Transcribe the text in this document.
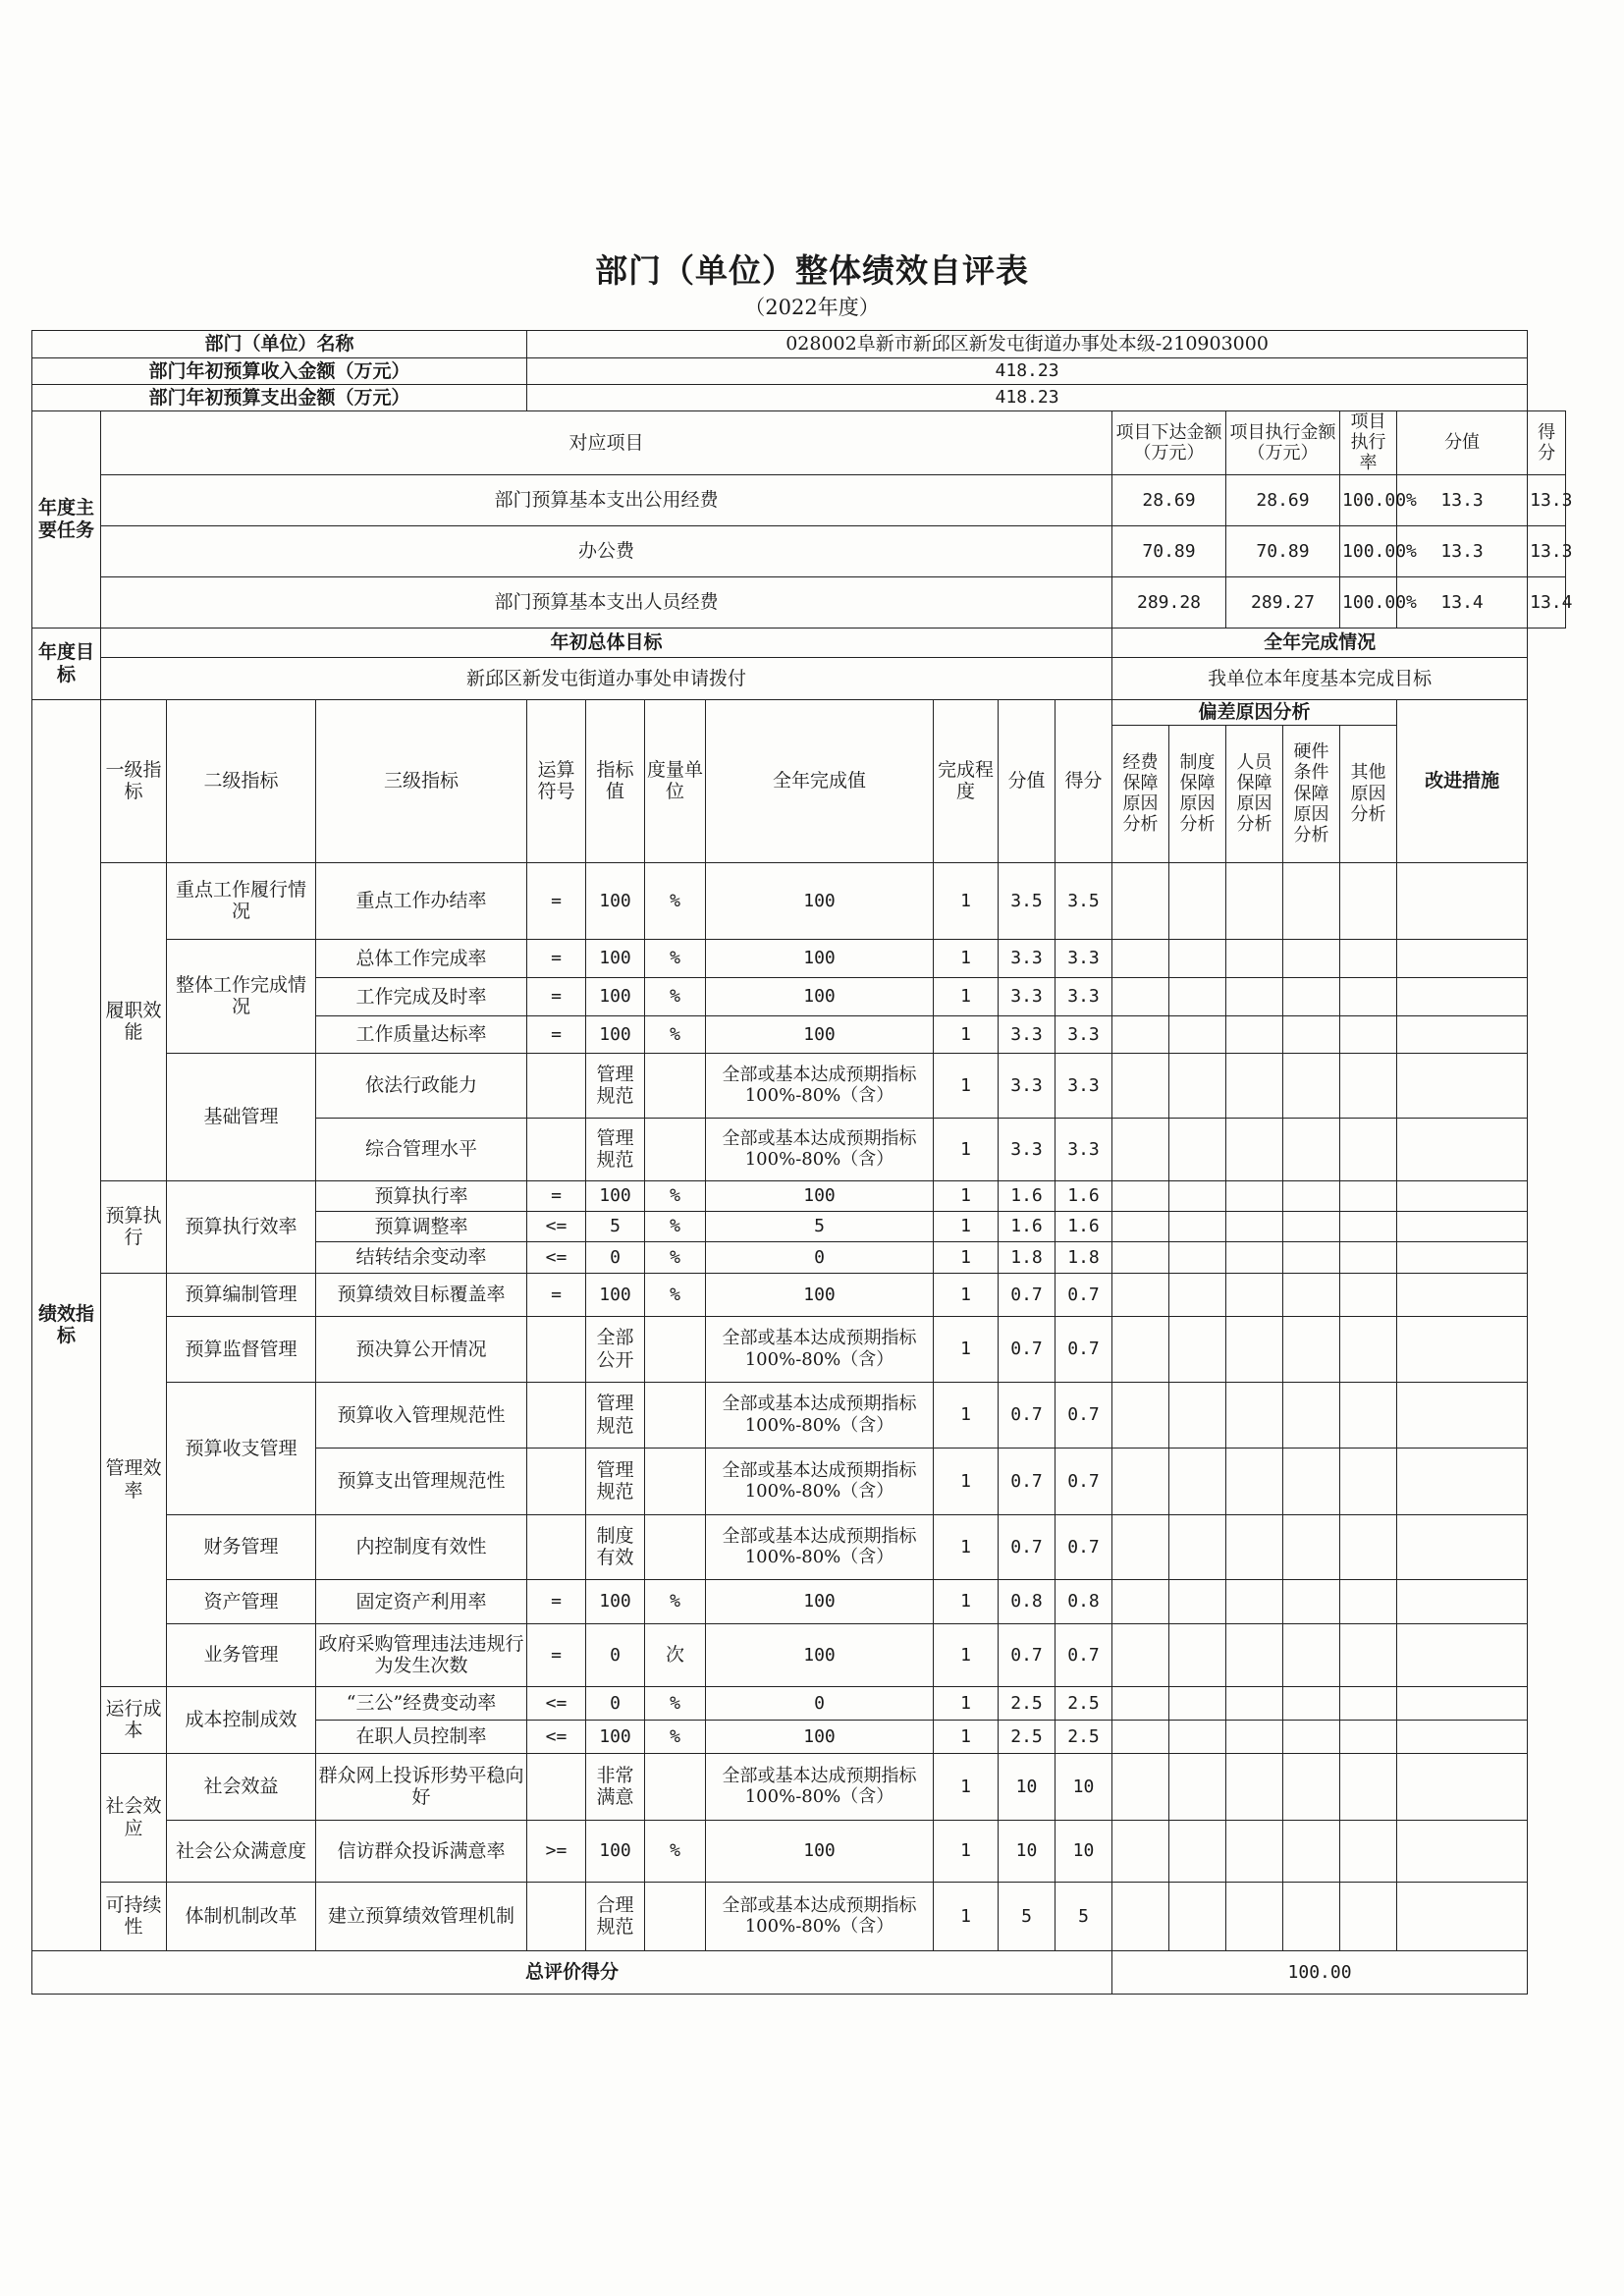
部门（单位）整体绩效自评表
（2022年度）
部门（单位）名称				028002阜新市新邱区新发屯街道办事处本级-210903000													
部门年初预算收入金额（万元）				418.23													
部门年初预算支出金额（万元）				418.23													
年度主要任务	对应项目										项目下达金额（万元）		项目执行金额（万元）		项目执行率	分值	得分
	部门预算基本支出公用经费										28.69		28.69		100.00%	13.3	13.3
	办公费										70.89		70.89		100.00%	13.3	13.3
	部门预算基本支出人员经费										289.28		289.27		100.00%	13.4	13.4
年度目标	年初总体目标										全年完成情况						
	新邱区新发屯街道办事处申请拨付										我单位本年度基本完成目标						
绩效指标	一级指标	二级指标	三级指标	运算符号	指标值	度量单位	全年完成值	完成程度	分值	得分	偏差原因分析					改进措施	
											经费保障原因分析	制度保障原因分析	人员保障原因分析	硬件条件保障原因分析	其他原因分析		
	履职效能	重点工作履行情况	重点工作办结率	=	100	%	100	1	3.5	3.5							
		整体工作完成情况	总体工作完成率	=	100	%	100	1	3.3	3.3							
			工作完成及时率	=	100	%	100	1	3.3	3.3							
			工作质量达标率	=	100	%	100	1	3.3	3.3							
		基础管理	依法行政能力		管理规范		全部或基本达成预期指标100%-80%（含）	1	3.3	3.3							
			综合管理水平		管理规范		全部或基本达成预期指标100%-80%（含）	1	3.3	3.3							
	预算执行	预算执行效率	预算执行率	=	100	%	100	1	1.6	1.6							
			预算调整率	<=	5	%	5	1	1.6	1.6							
			结转结余变动率	<=	0	%	0	1	1.8	1.8							
	管理效率	预算编制管理	预算绩效目标覆盖率	=	100	%	100	1	0.7	0.7							
		预算监督管理	预决算公开情况		全部公开		全部或基本达成预期指标100%-80%（含）	1	0.7	0.7							
		预算收支管理	预算收入管理规范性		管理规范		全部或基本达成预期指标100%-80%（含）	1	0.7	0.7							
			预算支出管理规范性		管理规范		全部或基本达成预期指标100%-80%（含）	1	0.7	0.7							
		财务管理	内控制度有效性		制度有效		全部或基本达成预期指标100%-80%（含）	1	0.7	0.7							
		资产管理	固定资产利用率	=	100	%	100	1	0.8	0.8							
		业务管理	政府采购管理违法违规行为发生次数	=	0	次	100	1	0.7	0.7							
	运行成本	成本控制成效	“三公”经费变动率	<=	0	%	0	1	2.5	2.5							
			在职人员控制率	<=	100	%	100	1	2.5	2.5							
	社会效应	社会效益	群众网上投诉形势平稳向好		非常满意		全部或基本达成预期指标100%-80%（含）	1	10	10							
		社会公众满意度	信访群众投诉满意率	>=	100	%	100	1	10	10							
	可持续性	体制机制改革	建立预算绩效管理机制		合理规范		全部或基本达成预期指标100%-80%（含）	1	5	5							
总评价得分											100.00						
